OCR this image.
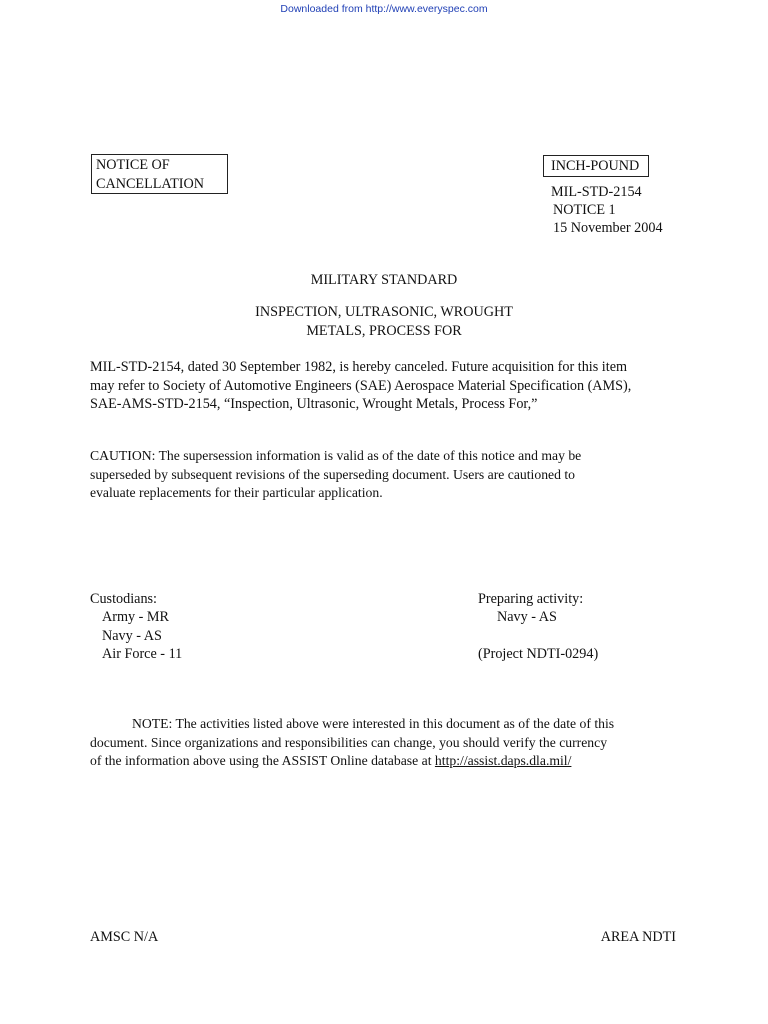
Downloaded from http://www.everyspec.com
NOTICE OF
CANCELLATION
INCH-POUND
MIL-STD-2154
NOTICE 1
15 November 2004
MILITARY STANDARD
INSPECTION, ULTRASONIC, WROUGHT
METALS, PROCESS FOR
MIL-STD-2154, dated 30 September 1982, is hereby canceled. Future acquisition for this item
may refer to Society of Automotive Engineers (SAE) Aerospace Material Specification (AMS),
SAE-AMS-STD-2154, “Inspection, Ultrasonic, Wrought Metals, Process For,”
CAUTION: The supersession information is valid as of the date of this notice and may be
superseded by subsequent revisions of the superseding document. Users are cautioned to
evaluate replacements for their particular application.
Custodians:
Army - MR
Navy - AS
Air Force - 11
Preparing activity:
Navy - AS
(Project NDTI-0294)
NOTE: The activities listed above were interested in this document as of the date of this
document. Since organizations and responsibilities can change, you should verify the currency
of the information above using the ASSIST Online database at http://assist.daps.dla.mil/
AMSC N/A	AREA NDTI
